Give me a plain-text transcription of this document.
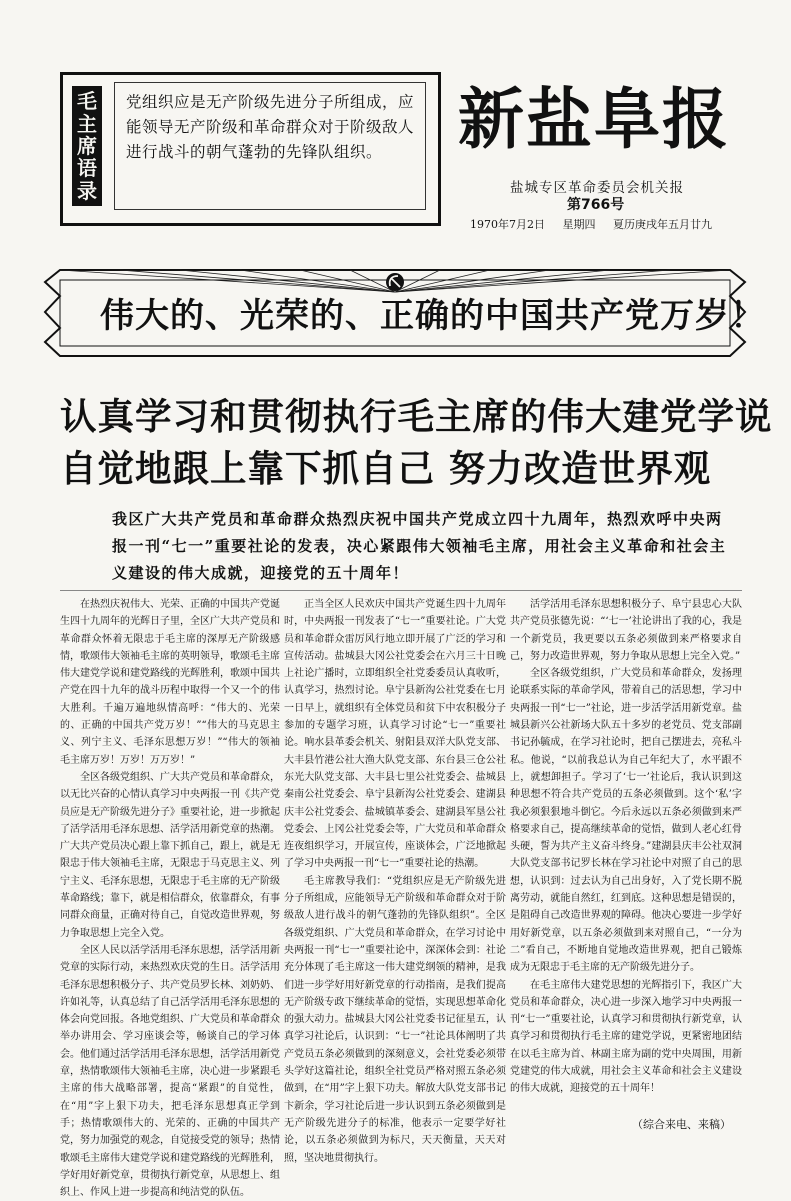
毛
主
席
语
录
党组织应是无产阶级先进分子所组成，应能领导无产阶级和革命群众对于阶级敌人进行战斗的朝气蓬勃的先锋队组织。	新盐阜报
盐城专区革命委员会机关报
第766号
1970年7月2日 星期四 夏历庚戌年五月廿九
伟大的、光荣的、正确的中国共产党万岁！
认真学习和贯彻执行毛主席的伟大建党学说
自觉地跟上靠下抓自己 努力改造世界观
我区广大共产党员和革命群众热烈庆祝中国共产党成立四十九周年，热烈欢呼中央两报一刊“七一”重要社论的发表，决心紧跟伟大领袖毛主席，用社会主义革命和社会主义建设的伟大成就，迎接党的五十周年！

在热烈庆祝伟大、光荣、正确的中国共产党诞生四十九周年的光辉日子里，全区广大共产党员和革命群众怀着无限忠于毛主席的深厚无产阶级感情，歌颂伟大领袖毛主席的英明领导，歌颂毛主席伟大建党学说和建党路线的光辉胜利，歌颂中国共产党在四十九年的战斗历程中取得一个又一个的伟大胜利。千遍万遍地纵情高呼：“伟大的、光荣的、正确的中国共产党万岁！”“伟大的马克思主义、列宁主义、毛泽东思想万岁！”“伟大的领袖毛主席万岁！万岁！万万岁！”

全区各级党组织、广大共产党员和革命群众，以无比兴奋的心情认真学习中央两报一刊《共产党员应是无产阶级先进分子》重要社论，进一步掀起了活学活用毛泽东思想、活学活用新党章的热潮。广大共产党员决心跟上靠下抓自己，跟上，就是无限忠于伟大领袖毛主席，无限忠于马克思主义、列宁主义、毛泽东思想，无限忠于毛主席的无产阶级革命路线；靠下，就是相信群众，依靠群众，有事同群众商量，正确对待自己，自觉改造世界观，努力争取思想上完全入党。

全区人民以活学活用毛泽东思想，活学活用新党章的实际行动，来热烈欢庆党的生日。活学活用毛泽东思想积极分子、共产党员罗长林、刘奶奶、许如礼等，认真总结了自己活学活用毛泽东思想的体会向党回报。各地党组织、广大党员和革命群众举办讲用会、学习座谈会等，畅谈自己的学习体会。他们通过活学活用毛泽东思想，活学活用新党章，热情歌颂伟大领袖毛主席，决心进一步紧跟毛主席的伟大战略部署，提高“紧跟”的自觉性，在“用”字上狠下功夫，把毛泽东思想真正学到手；热情歌颂伟大的、光荣的、正确的中国共产党，努力加强党的观念，自觉接受党的领导；热情歌颂毛主席伟大建党学说和建党路线的光辉胜利，学好用好新党章，贯彻执行新党章，从思想上、组织上、作风上进一步提高和纯洁党的队伍。

正当全区人民欢庆中国共产党诞生四十九周年时，中央两报一刊发表了“七一”重要社论。广大党员和革命群众雷厉风行地立即开展了广泛的学习和宣传活动。盐城县大冈公社党委会在六月三十日晚上社论广播时，立即组织全社党委委员认真收听，认真学习，热烈讨论。阜宁县新沟公社党委在七月一日早上，就组织有全体党员和贫下中农积极分子参加的专题学习班，认真学习讨论“七一”重要社论。响水县革委会机关、射阳县双洋大队党支部、大丰县竹港公社大渔大队党支部、东台县三仓公社东光大队党支部、大丰县七里公社党委会、盐城县秦南公社党委会、阜宁县新沟公社党委会、建湖县庆丰公社党委会、盐城镇革委会、建湖县军垦公社党委会、上冈公社党委会等，广大党员和革命群众连夜组织学习，开展宣传，座谈体会，广泛地掀起了学习中央两报一刊“七一”重要社论的热潮。

毛主席教导我们：“党组织应是无产阶级先进分子所组成，应能领导无产阶级和革命群众对于阶级敌人进行战斗的朝气蓬勃的先锋队组织”。全区各级党组织、广大党员和革命群众，在学习讨论中央两报一刊“七一”重要社论中，深深体会到：社论充分体现了毛主席这一伟大建党纲领的精神，是我们进一步学好用好新党章的行动指南，是我们提高无产阶级专政下继续革命的觉悟，实现思想革命化的强大动力。盐城县大冈公社党委书记征星五，认真学习社论后，认识到：“七一”社论具体阐明了共产党员五条必须做到的深刻意义，会社党委必须带头学好这篇社论，组织全社党员严格对照五条必须做到，在“用”字上狠下功夫。解放大队党支部书记卞新余，学习社论后进一步认识到五条必须做到是无产阶级先进分子的标准，他表示一定要学好社论，以五条必须做到为标尺，天天衡量，天天对照，坚决地贯彻执行。

活学活用毛泽东思想积极分子、阜宁县忠心大队共产党员张德先说：“‘七一’社论讲出了我的心，我是一个新党员，我更要以五条必须做到来严格要求自己，努力改造世界观，努力争取从思想上完全入党。”

全区各级党组织，广大党员和革命群众，发扬理论联系实际的革命学风，带着自己的活思想，学习中央两报一刊“七一”社论，进一步活学活用新党章。盐城县新兴公社新场大队五十多岁的老党员、党支部副书记孙毓成，在学习社论时，把自己摆进去，亮私斗私。他说，“以前我总认为自己年纪大了，水平跟不上，就想卸担子。学习了‘七一’社论后，我认识到这种思想不符合共产党员的五条必须做到。这个‘私’字我必须狠狠地斗倒它。今后永远以五条必须做到来严格要求自己，提高继续革命的觉悟，做到人老心红骨头硬，誓为共产主义奋斗终身。”建湖县庆丰公社双洞大队党支部书记罗长林在学习社论中对照了自己的思想，认识到：过去认为自己出身好，入了党长期不脱离劳动，就能自然红，红到底。这种思想是错误的，是阻碍自己改造世界观的障碍。他决心要进一步学好用好新党章，以五条必须做到来对照自己，“一分为二”看自己，不断地自觉地改造世界观，把自己锻炼成为无限忠于毛主席的无产阶级先进分子。

在毛主席伟大建党思想的光辉指引下，我区广大党员和革命群众，决心进一步深入地学习中央两报一刊“七一”重要社论，认真学习和贯彻执行新党章，认真学习和贯彻执行毛主席的建党学说，更紧密地团结在以毛主席为首、林副主席为副的党中央周围，用新党建党的伟大成就，用社会主义革命和社会主义建设的伟大成就，迎接党的五十周年！

（综合来电、来稿）
